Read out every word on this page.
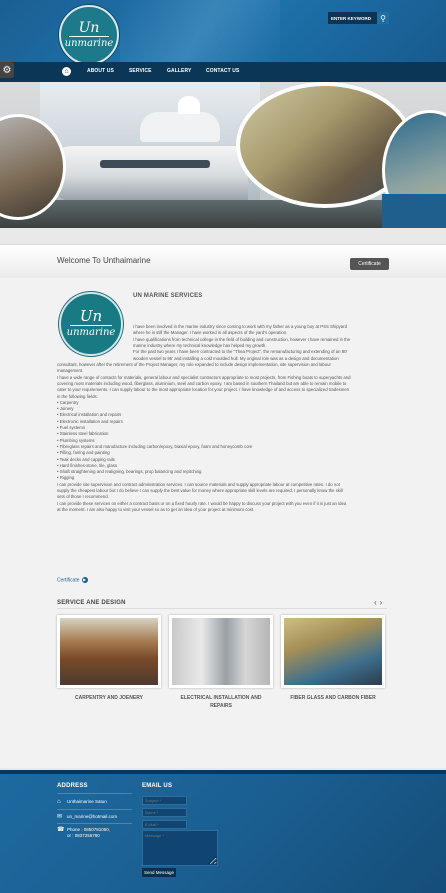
Un
unmarine
ENTER KEYWORD
⚲
⌂	ABOUT US	SERVICE	GALLERY	CONTACT US
⚙
Welcome To Unthaimarine	Certificate
Un
unmarine
UN MARINE SERVICES
I have been involved in the marine industry since coming to work with my father as a young boy at PSS Shipyard
where he is still the Manager. I have worked in all aspects of the yard's operation.
I have qualifications from technical college in the field of building and construction, however I have remained in the
marine industry where my technical knowledge has helped my growth.
For the past two years I have been contracted to the "Thea Project", the remanufacturing and extending of an 80'
wooden vessel to 95' and installing a cold moulded hull. My original role was as a design and documentation
consultant, however after the retirement of the Project Manager, my role expanded to include design implementation, site supervision and labour
management.
I have a wide range of contacts for materials, general labour and specialist contractors appropriate to most projects, from Fishing boats to superyachts and
covering most materials including wood, fiberglass, aluminium, steel and carbon epoxy. I am based in southern Thailand but am able to remain mobile to
cater to your requirements. I can supply labour to the most appropriate location for your project. I have knowledge of and access to specialized tradesmen
in the following fields:
• Carpentry
• Joinery
• Electrical installation and repairs
• Electronic installation and repairs
• Fuel systems
• Stainless steel fabrication
• Plumbing systems
• Fibreglass repairs and manufacture including carbon/epoxy, biaxial epoxy, foam and honeycomb core
• Filling, fairing and painting
• Teak decks and capping rails
• Hard finishes-stone, tile, glass
• Shaft straightening and realigning, bearings, prop balancing and repitching
• Rigging
I can provide site supervision and contract administration services. I can source materials and supply appropriate labour at competitive rates. I do not
supply the cheapest labour but I do believe I can supply the best value for money where appropriate skill levels are required. I personally know the skill
sets of those I recommend.
I can provide these services on either a contract basis or on a fixed hourly rate. I would be happy to discuss your project with you even if it is just an idea
at the moment. I am also happy to visit your vessel so as to get an idea of your project at minimum cost.
Certificate ▶
SERVICE ANE DESIGN	‹ ›
CARPENTRY AND JOENERY	ELECTRICAL INSTALLATION AND
REPAIRS
FIBER GLASS AND CARBON FIBER
ADDRESS	EMAIL US
⌂ Unthaimarine Satun
✉ un_marine@hotmail.com
☎ Phone : 0850781050,
or : 0837256780
Subject *
Name *
E-Mail *
Message *
Send Message
